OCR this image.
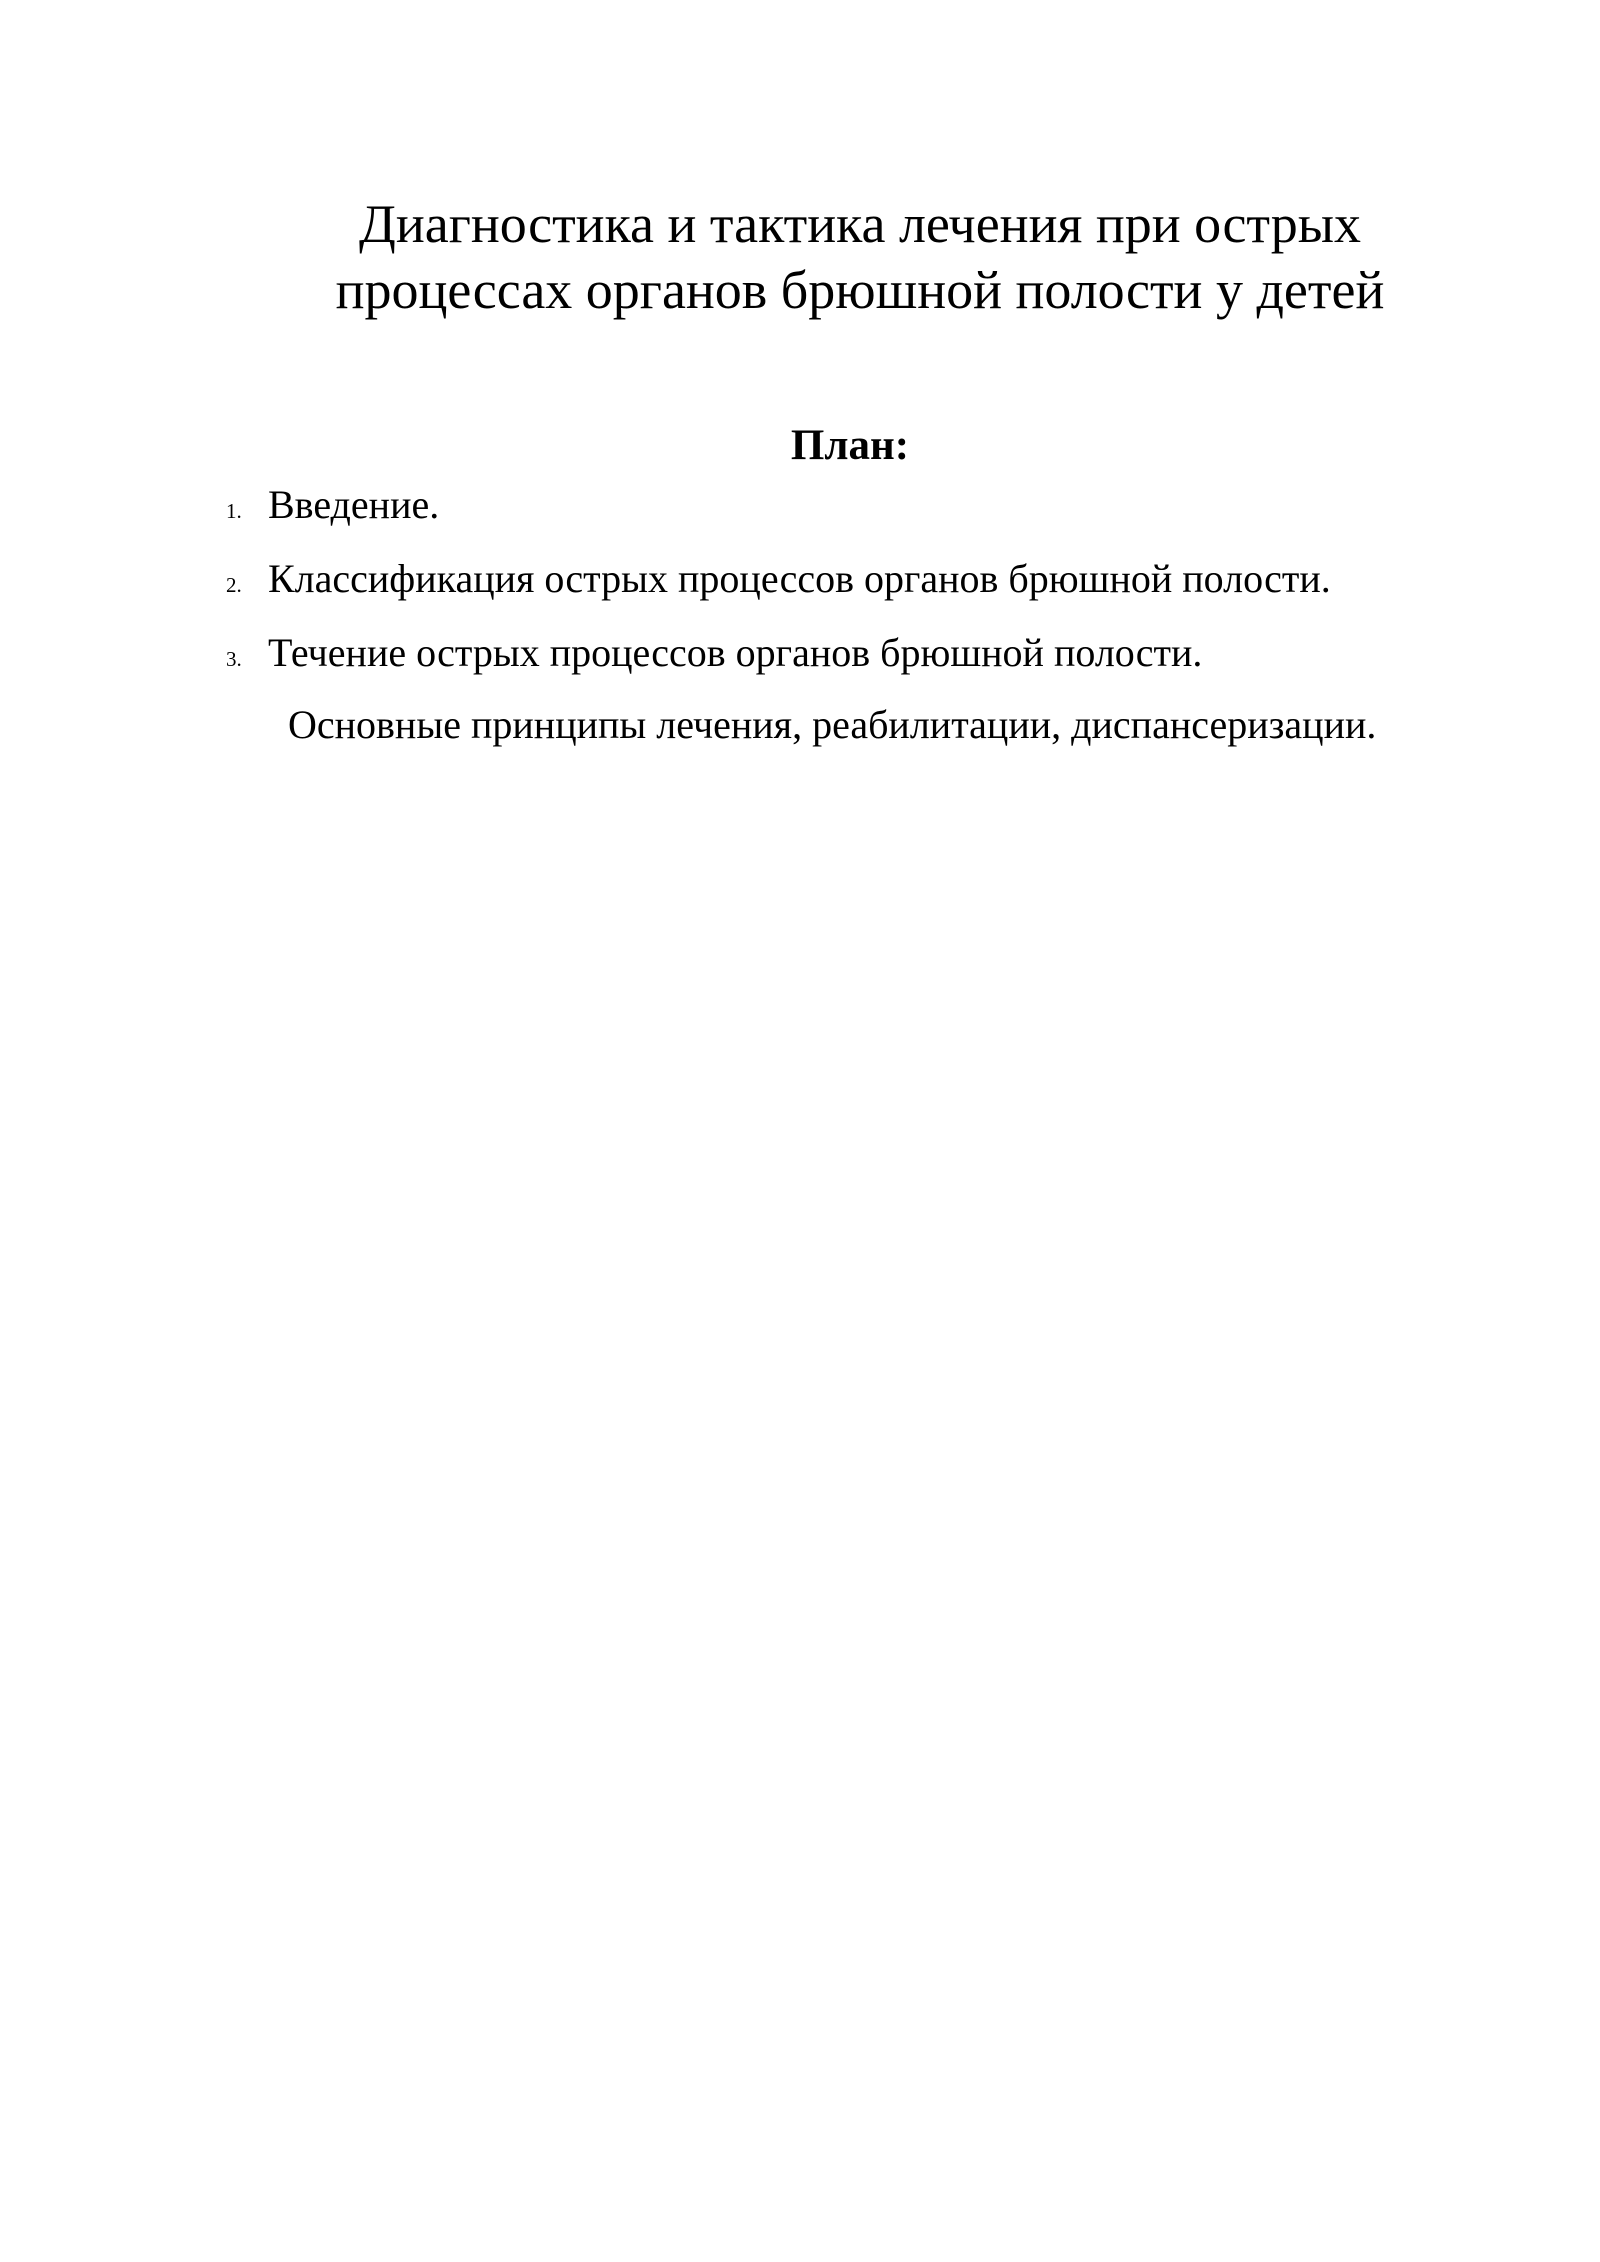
Диагностика и тактика лечения при острых
процессах органов брюшной полости у детей
План:
1. Введение.
2. Классификация острых процессов органов брюшной полости.
3. Течение острых процессов органов брюшной полости.
Основные принципы лечения, реабилитации, диспансеризации.
